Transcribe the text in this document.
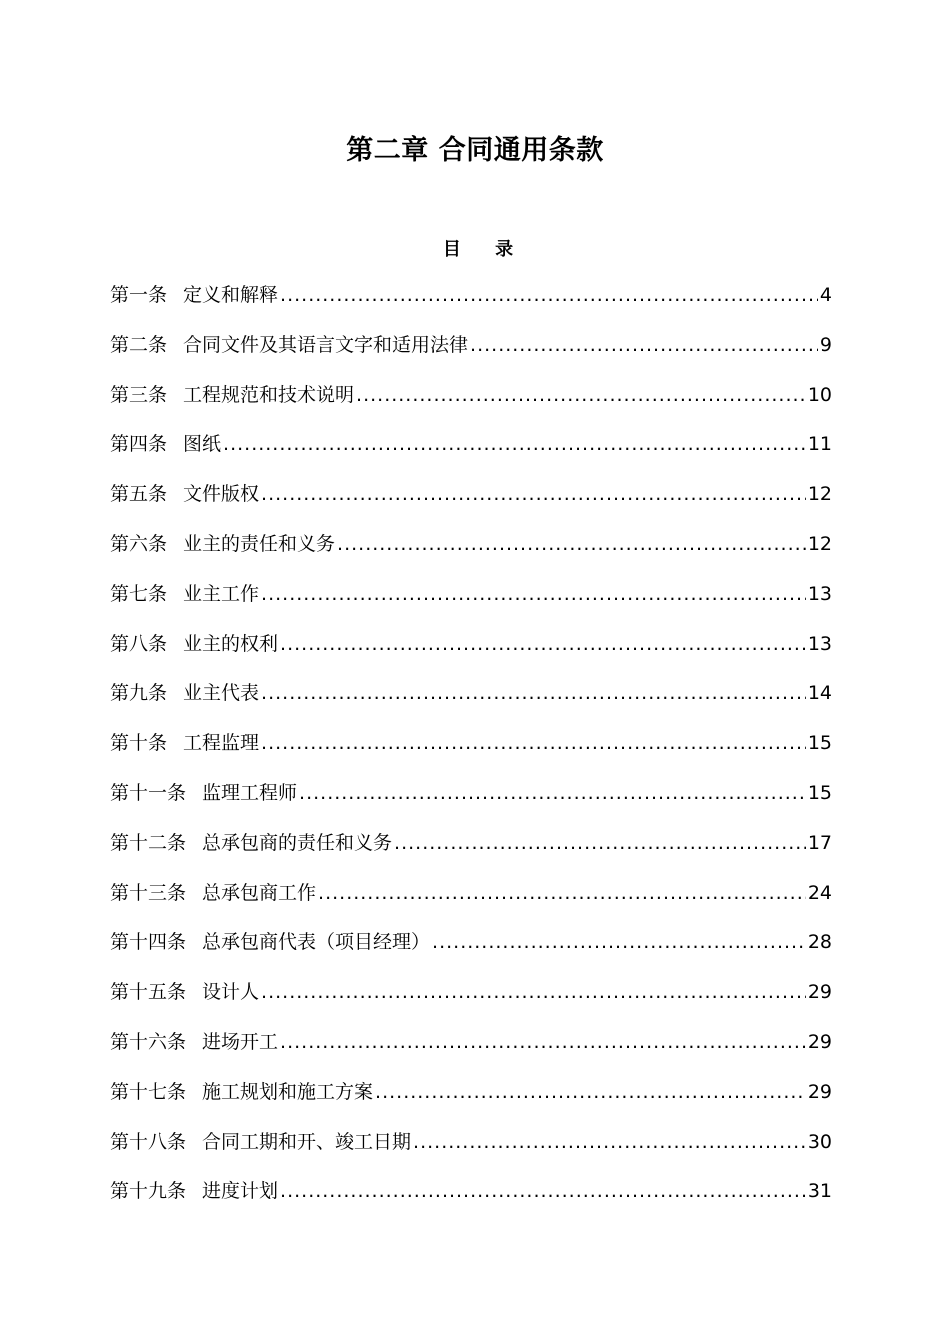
第二章 合同通用条款
目 录
第一条 定义和解释 .....	4
第二条 合同文件及其语言文字和适用法律 .....	9
第三条 工程规范和技术说明 .....	10
第四条 图纸 .....	11
第五条 文件版权 .....	12
第六条 业主的责任和义务 .....	12
第七条 业主工作 .....	13
第八条 业主的权利 .....	13
第九条 业主代表 .....	14
第十条 工程监理 .....	15
第十一条 监理工程师 .....	15
第十二条 总承包商的责任和义务 .....	17
第十三条 总承包商工作 .....	24
第十四条 总承包商代表（项目经理） .....	28
第十五条 设计人 .....	29
第十六条 进场开工 .....	29
第十七条 施工规划和施工方案 .....	29
第十八条 合同工期和开、竣工日期 .....	30
第十九条 进度计划 .....	31
